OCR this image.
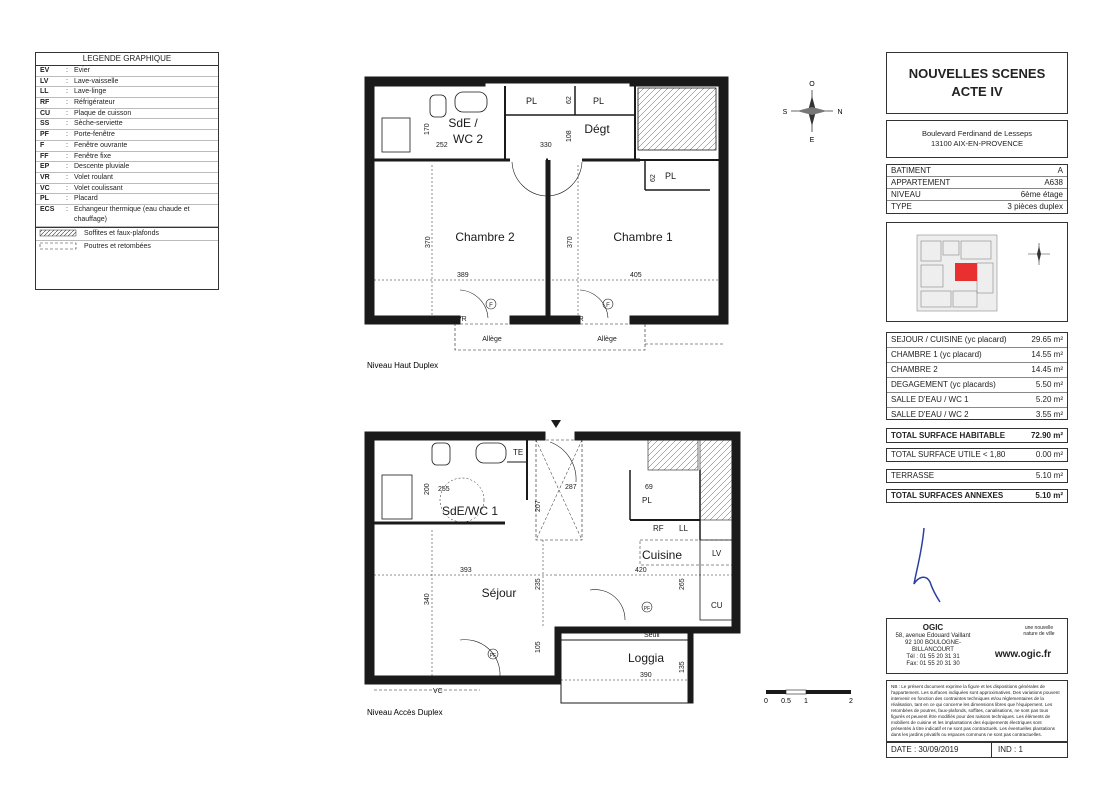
LEGENDE GRAPHIQUE
EV	: Evier
LV	: Lave-vaisselle
LL	: Lave-linge
RF	: Réfrigérateur
CU	: Plaque de cuisson
SS	: Sèche-serviette
PF	: Porte-fenêtre
F	: Fenêtre ouvrante
FF	: Fenêtre fixe
EP	: Descente pluviale
VR	: Volet roulant
VC	: Volet coulissant
PL	: Placard
ECS	: Echangeur thermique (eau chaude et chauffage)
Soffites et faux-plafonds
Poutres et retombées
SdE /
WC 2
Dégt
Chambre 2	Chambre 1
PL	PL
PL
170
252	330
108
62
62
370	370
389	405
VR	VR
Allège	Allège
F	F
Niveau Haut Duplex
SdE/WC 1
Séjour
Cuisine
Loggia
TE
PL
RF LL
LV
CU
Seuil
200 255	287
207
69
393	420
340
235	265
105
390
135
VC
PF
PF
Niveau Accès Duplex
O
E
S	N
0 0.5 1	2
NOUVELLES SCENES
ACTE IV
Boulevard Ferdinand de Lesseps
13100 AIX-EN-PROVENCE
BATIMENT	A
APPARTEMENT	A638
NIVEAU	6ème étage
TYPE	3 pièces duplex
SEJOUR / CUISINE (yc placard)	29.65 m²
CHAMBRE 1 (yc placard)	14.55 m²
CHAMBRE 2	14.45 m²
DEGAGEMENT (yc placards)	5.50 m²
SALLE D'EAU / WC 1	5.20 m²
SALLE D'EAU / WC 2	3.55 m²
TOTAL SURFACE HABITABLE	72.90 m²
TOTAL SURFACE UTILE < 1,80	0.00 m²
TERRASSE	5.10 m²
TOTAL SURFACES ANNEXES	5.10 m²
OGIC
58, avenue Edouard Vaillant
92 100 BOULOGNE-BILLANCOURT
Tél : 01 55 20 31 31
Fax: 01 55 20 31 30
une nouvelle nature de ville
www.ogic.fr
NB : Le présent document exprime la figure et les dispositions générales de l'appartement. Les surfaces indiquées sont approximatives. Des variations pouvent intervenir en fonction des contraintes techniques et/ou réglementaires de la réalisation, tant en ce qui concerne les dimensions libres que l'équipement. Les retombées de poutres, faux-plafonds, soffites, canalisations, ne sont pas tous figurés et peuvent être modifiés pour des raisons techniques. Les éléments de mobiliers de cuisine et les implantations des équipements électriques sont présentés à titre indicatif et ne sont pas contractuels. Les éventuelles plantations dans les jardins privatifs ou espaces communs ne sont pas contractuelles.
DATE : 30/09/2019	IND : 1
